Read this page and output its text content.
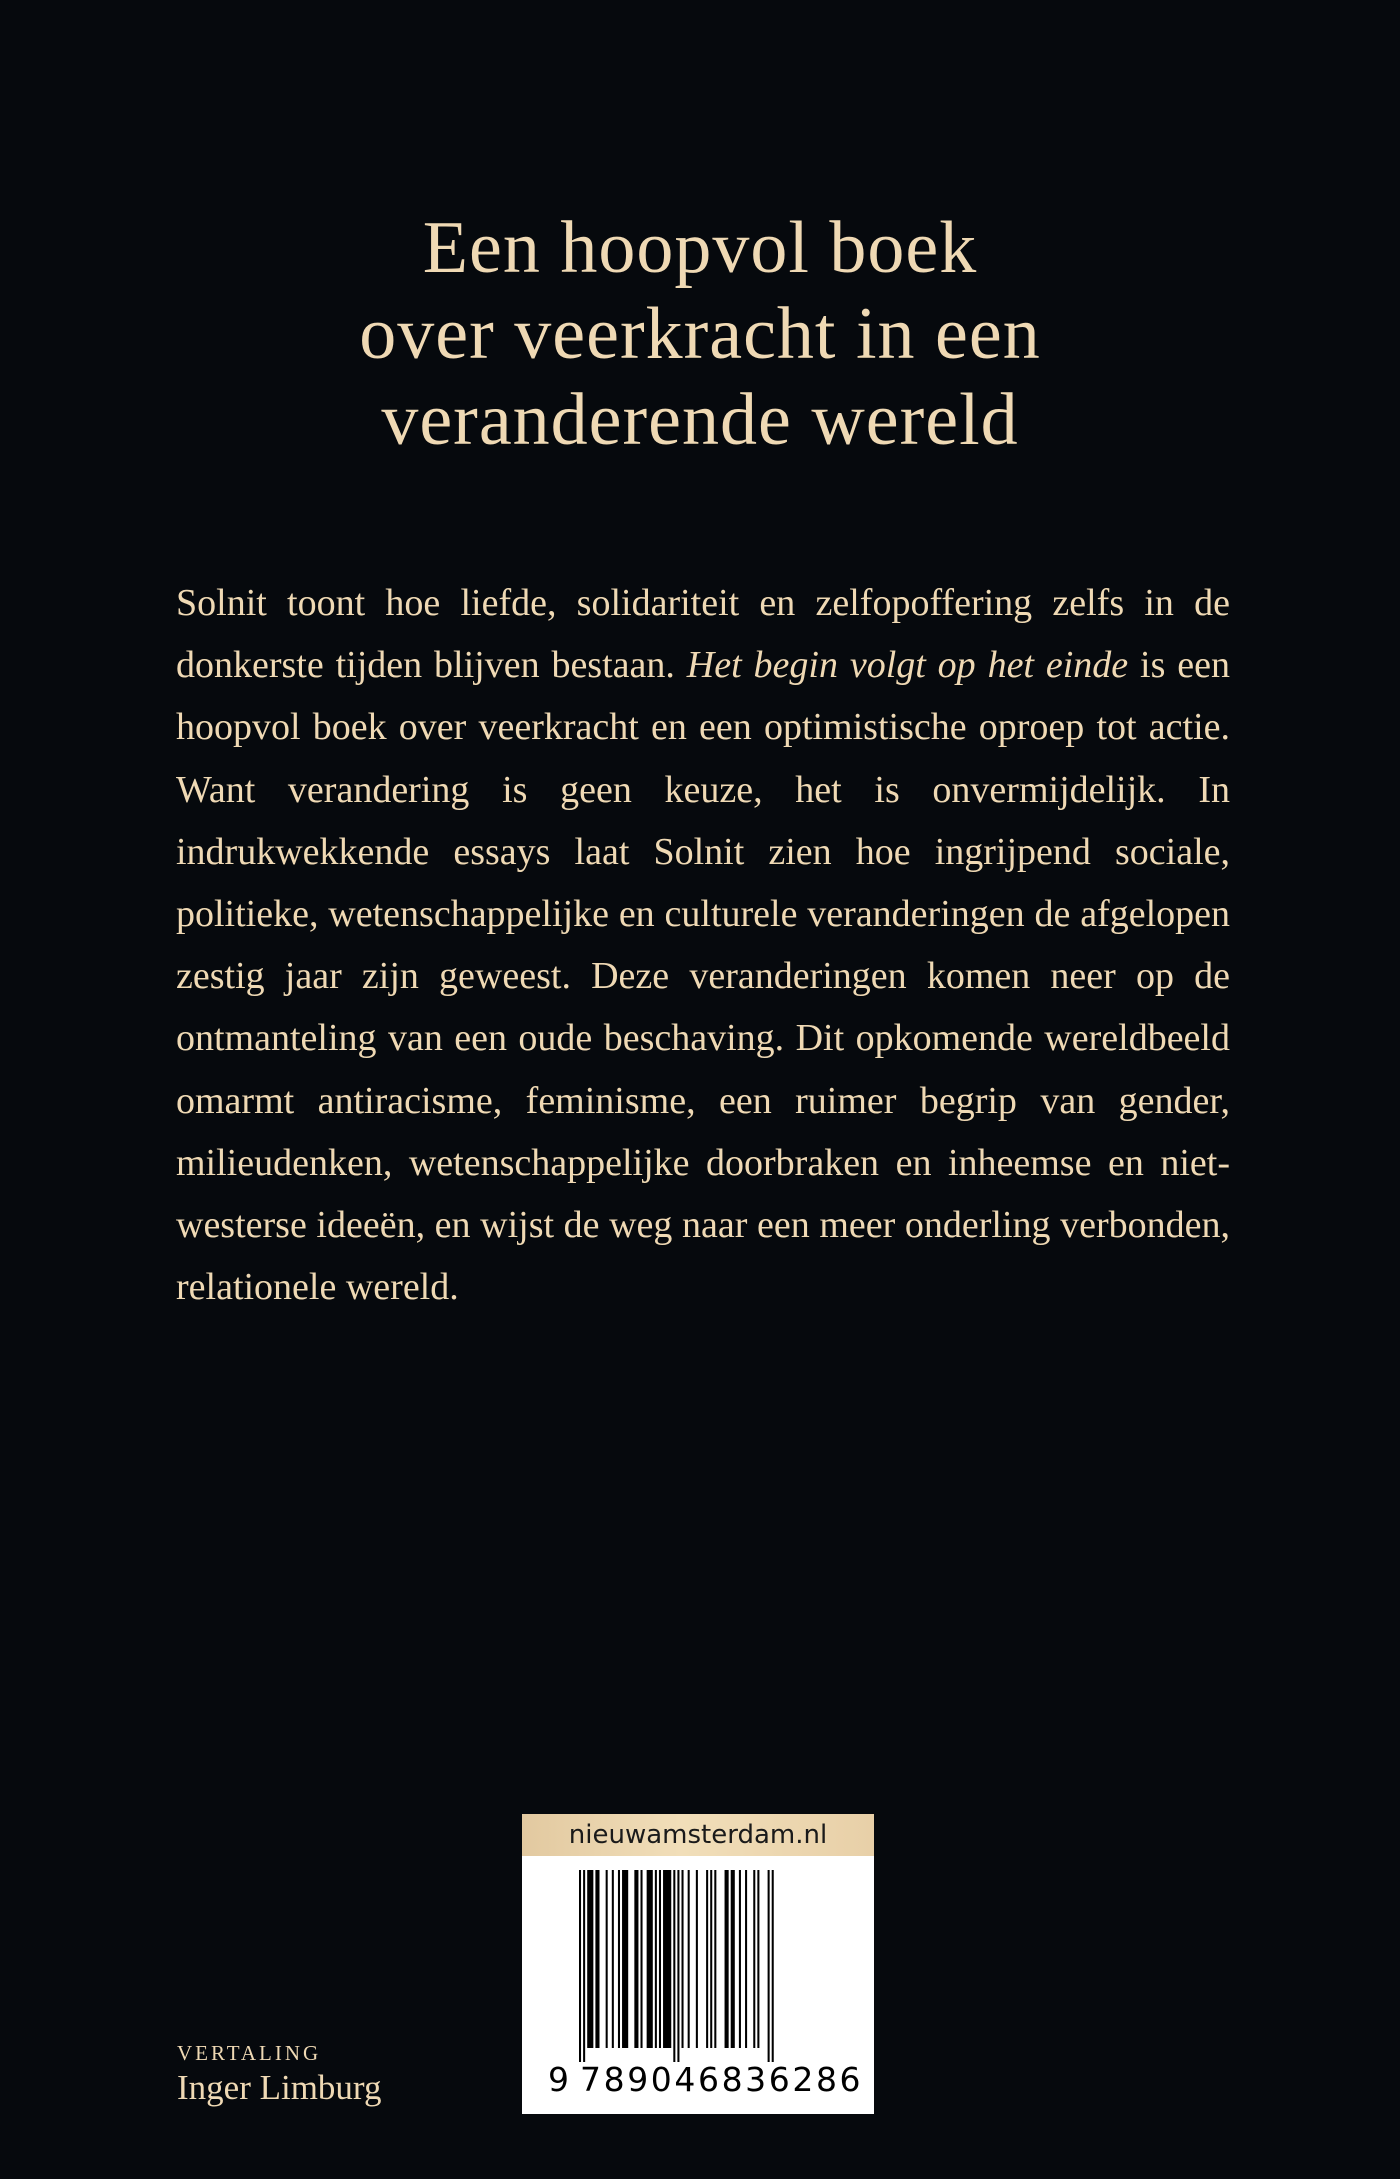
Een hoopvol boek
over veerkracht in een
veranderende wereld

Solnit toont hoe liefde, solidariteit en zelfopoffering zelfs in de donkerste tijden blijven bestaan. Het begin volgt op het einde is een hoopvol boek over veerkracht en een optimistische oproep tot actie. Want verandering is geen keuze, het is onvermijdelijk. In indrukwekkende essays laat Solnit zien hoe ingrijpend sociale, politieke, wetenschappelijke en culturele veranderingen de afgelopen zestig jaar zijn geweest. Deze veranderingen komen neer op de ontmanteling van een oude beschaving. Dit opkomende wereldbeeld omarmt antiracisme, feminisme, een ruimer begrip van gender, milieudenken, wetenschappelijke doorbraken en inheemse en niet-westerse ideeën, en wijst de weg naar een meer onderling verbonden, relationele wereld.

VERTALING
Inger Limburg
nieuwamsterdam.nl
9 789046836286
